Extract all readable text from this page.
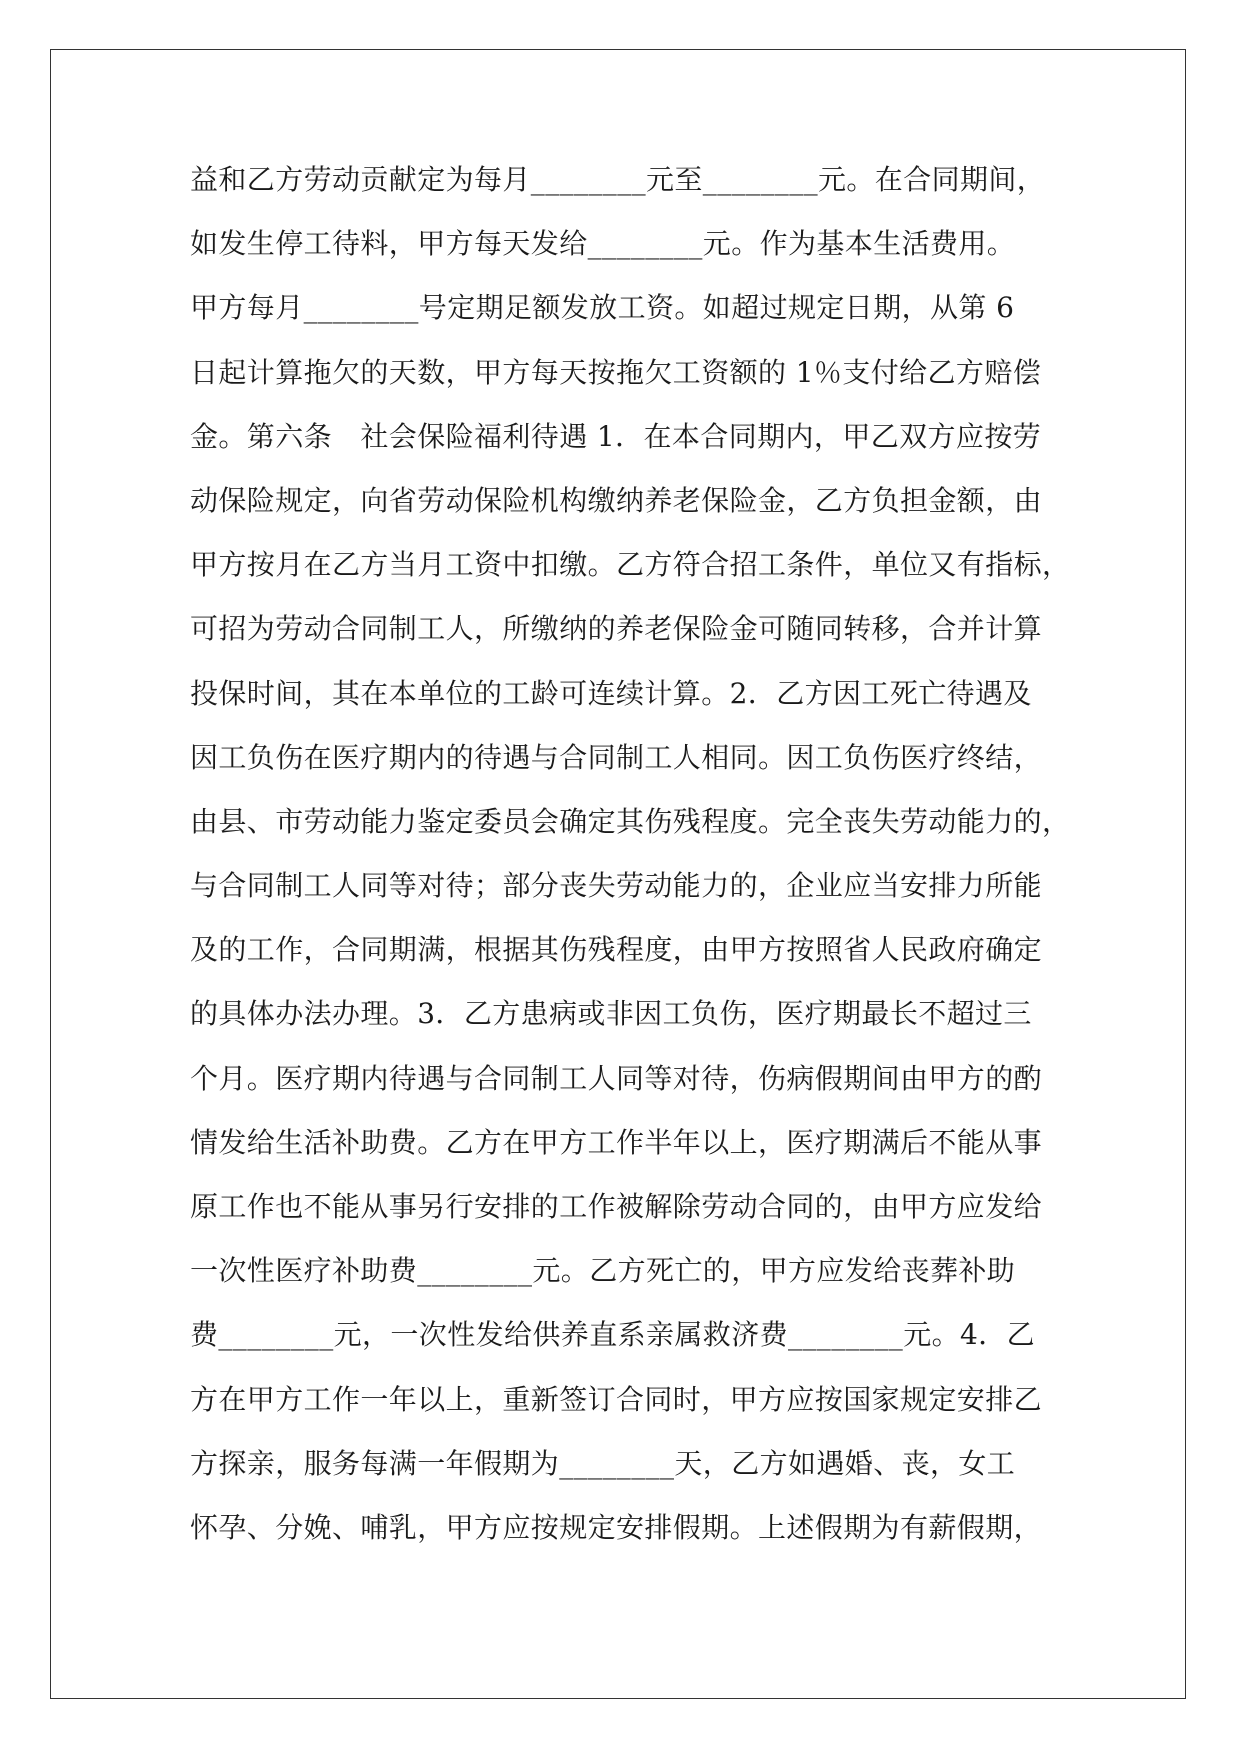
益和乙方劳动贡献定为每月________元至________元。在合同期间，
如发生停工待料，甲方每天发给________元。作为基本生活费用。
甲方每月________号定期足额发放工资。如超过规定日期，从第 6
日起计算拖欠的天数，甲方每天按拖欠工资额的 1％支付给乙方赔偿
金。第六条　社会保险福利待遇 1．在本合同期内，甲乙双方应按劳
动保险规定，向省劳动保险机构缴纳养老保险金，乙方负担金额，由
甲方按月在乙方当月工资中扣缴。乙方符合招工条件，单位又有指标，
可招为劳动合同制工人，所缴纳的养老保险金可随同转移，合并计算
投保时间，其在本单位的工龄可连续计算。2．乙方因工死亡待遇及
因工负伤在医疗期内的待遇与合同制工人相同。因工负伤医疗终结，
由县、市劳动能力鉴定委员会确定其伤残程度。完全丧失劳动能力的，
与合同制工人同等对待；部分丧失劳动能力的，企业应当安排力所能
及的工作，合同期满，根据其伤残程度，由甲方按照省人民政府确定
的具体办法办理。3．乙方患病或非因工负伤，医疗期最长不超过三
个月。医疗期内待遇与合同制工人同等对待，伤病假期间由甲方的酌
情发给生活补助费。乙方在甲方工作半年以上，医疗期满后不能从事
原工作也不能从事另行安排的工作被解除劳动合同的，由甲方应发给
一次性医疗补助费________元。乙方死亡的，甲方应发给丧葬补助
费________元，一次性发给供养直系亲属救济费________元。4．乙
方在甲方工作一年以上，重新签订合同时，甲方应按国家规定安排乙
方探亲，服务每满一年假期为________天，乙方如遇婚、丧，女工
怀孕、分娩、哺乳，甲方应按规定安排假期。上述假期为有薪假期，
